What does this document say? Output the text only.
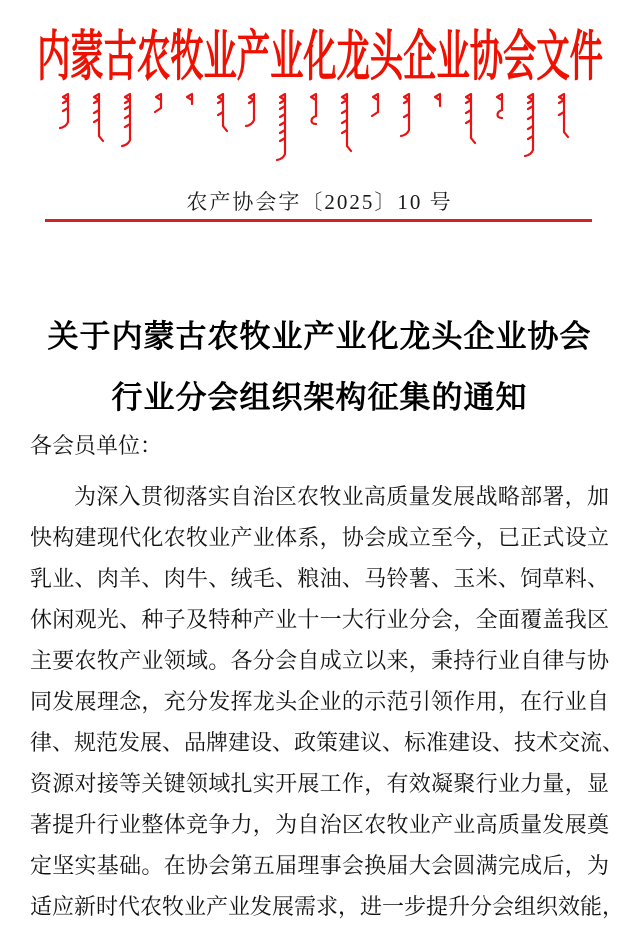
内蒙古农牧业产业化龙头企业协会文件
农产协会字〔2025〕10 号
关于内蒙古农牧业产业化龙头企业协会
行业分会组织架构征集的通知
各会员单位：
为深入贯彻落实自治区农牧业高质量发展战略部署，加
快构建现代化农牧业产业体系，协会成立至今，已正式设立
乳业、肉羊、肉牛、绒毛、粮油、马铃薯、玉米、饲草料、
休闲观光、种子及特种产业十一大行业分会，全面覆盖我区
主要农牧产业领域。各分会自成立以来，秉持行业自律与协
同发展理念，充分发挥龙头企业的示范引领作用，在行业自
律、规范发展、品牌建设、政策建议、标准建设、技术交流、
资源对接等关键领域扎实开展工作，有效凝聚行业力量，显
著提升行业整体竞争力，为自治区农牧业产业高质量发展奠
定坚实基础。在协会第五届理事会换届大会圆满完成后，为
适应新时代农牧业产业发展需求，进一步提升分会组织效能，
